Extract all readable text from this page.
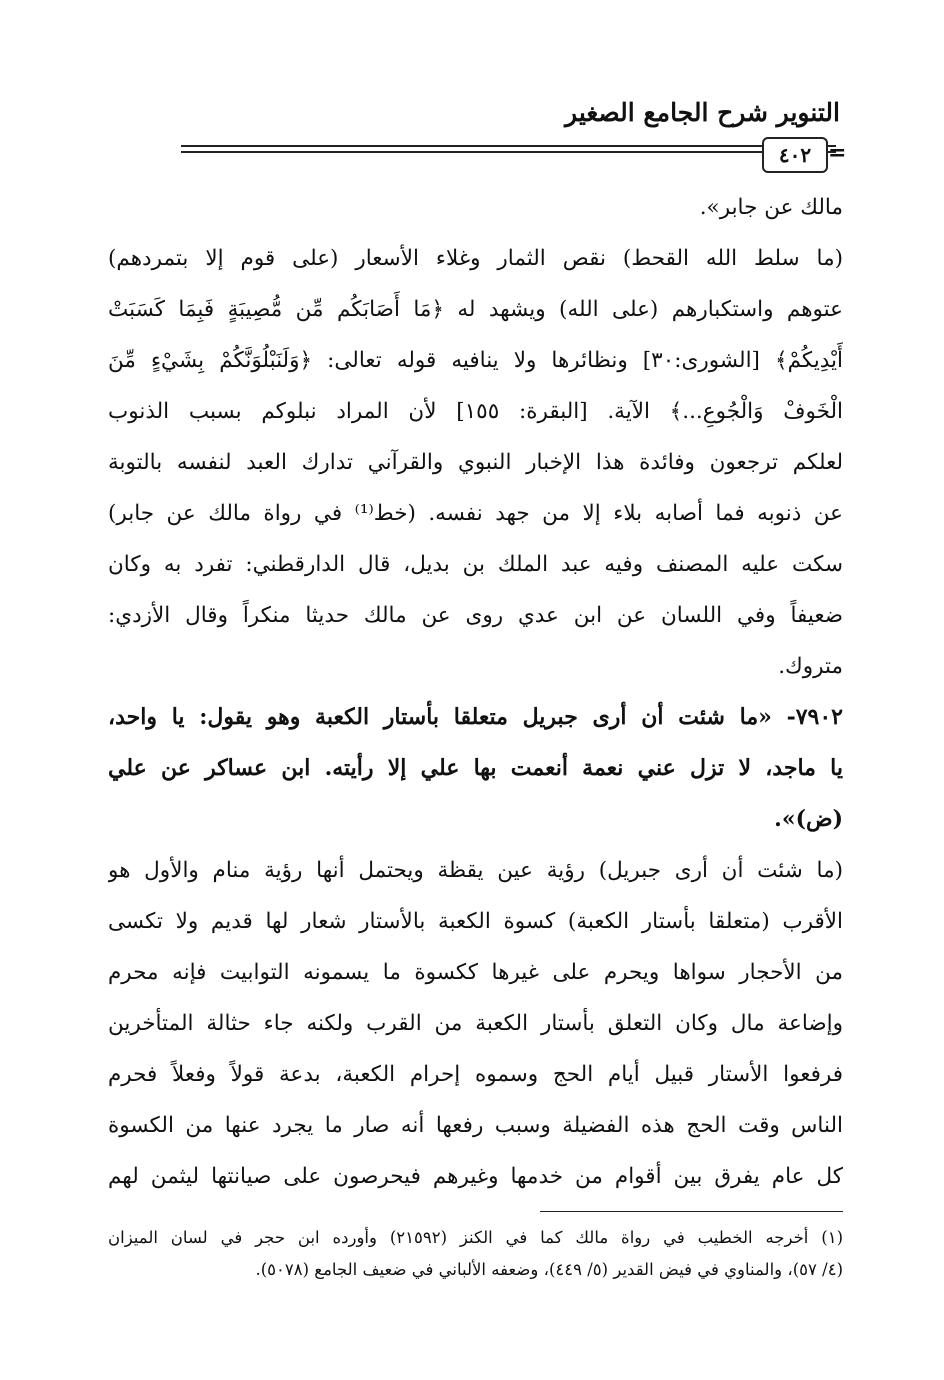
التنوير شرح الجامع الصغير
٤٠٢ =
مالك عن جابر».
(ما سلط الله القحط) نقص الثمار وغلاء الأسعار (على قوم إلا بتمردهم)
عتوهم واستكبارهم (على الله) ويشهد له ﴿مَا أَصَابَكُم مِّن مُّصِيبَةٍ فَبِمَا كَسَبَتْ
أَيْدِيكُمْ﴾ [الشورى:٣٠] ونظائرها ولا ينافيه قوله تعالى: ﴿وَلَنَبْلُوَنَّكُمْ بِشَيْءٍ مِّنَ
الْخَوفْ وَالْجُوعِ...﴾ الآية. [البقرة: ١٥٥] لأن المراد نبلوكم بسبب الذنوب
لعلكم ترجعون وفائدة هذا الإخبار النبوي والقرآني تدارك العبد لنفسه بالتوبة
عن ذنوبه فما أصابه بلاء إلا من جهد نفسه. (خط⁽¹⁾ في رواة مالك عن جابر)
سكت عليه المصنف وفيه عبد الملك بن بديل، قال الدارقطني: تفرد به وكان
ضعيفاً وفي اللسان عن ابن عدي روى عن مالك حديثا منكراً وقال الأزدي:
متروك.
٧٩٠٢- «ما شئت أن أرى جبريل متعلقا بأستار الكعبة وهو يقول: يا واحد،
يا ماجد، لا تزل عني نعمة أنعمت بها علي إلا رأيته. ابن عساكر عن علي
(ض)».
(ما شئت أن أرى جبريل) رؤية عين يقظة ويحتمل أنها رؤية منام والأول هو
الأقرب (متعلقا بأستار الكعبة) كسوة الكعبة بالأستار شعار لها قديم ولا تكسى
من الأحجار سواها ويحرم على غيرها ككسوة ما يسمونه التوابيت فإنه محرم
وإضاعة مال وكان التعلق بأستار الكعبة من القرب ولكنه جاء حثالة المتأخرين
فرفعوا الأستار قبيل أيام الحج وسموه إحرام الكعبة، بدعة قولاً وفعلاً فحرم
الناس وقت الحج هذه الفضيلة وسبب رفعها أنه صار ما يجرد عنها من الكسوة
كل عام يفرق بين أقوام من خدمها وغيرهم فيحرصون على صيانتها ليثمن لهم
(١) أخرجه الخطيب في رواة مالك كما في الكنز (٢١٥٩٢) وأورده ابن حجر في لسان الميزان
(٤/ ٥٧)، والمناوي في فيض القدير (٥/ ٤٤٩)، وضعفه الألباني في ضعيف الجامع (٥٠٧٨).
